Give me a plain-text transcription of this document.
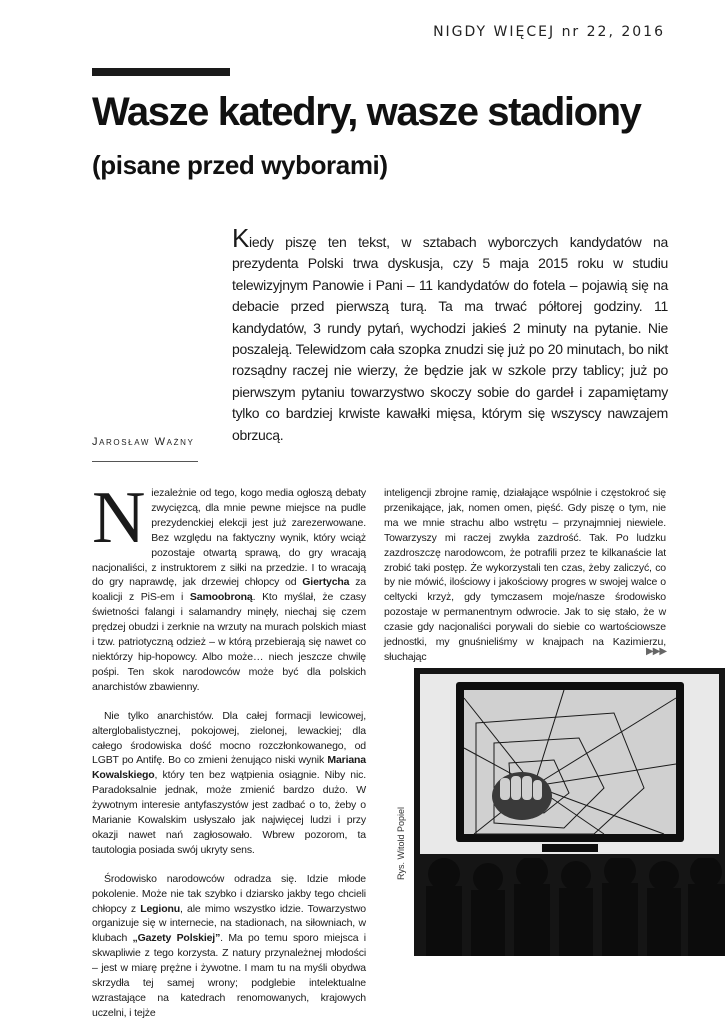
NIGDY WIĘCEJ nr 22, 2016
Wasze katedry, wasze stadiony
(pisane przed wyborami)

Kiedy piszę ten tekst, w sztabach wyborczych kandydatów na prezydenta Polski trwa dyskusja, czy 5 maja 2015 roku w studiu telewizyjnym Panowie i Pani – 11 kandydatów do fotela – pojawią się na debacie przed pierwszą turą. Ta ma trwać półtorej godziny. 11 kandydatów, 3 rundy pytań, wychodzi jakieś 2 minuty na pytanie. Nie poszaleją. Telewidzom cała szopka znudzi się już po 20 minutach, bo nikt rozsądny raczej nie wierzy, że będzie jak w szkole przy tablicy; już po pierwszym pytaniu towarzystwo skoczy sobie do gardeł i zapamiętamy tylko co bardziej krwiste kawałki mięsa, którym się wszyscy nawzajem obrzucą.

Jarosław Ważny

Niezależnie od tego, kogo media ogłoszą debaty zwycięzcą, dla mnie pewne miejsce na pudle prezydenckiej elekcji jest już zarezerwowane. Bez względu na faktyczny wynik, który wciąż pozostaje otwartą sprawą, do gry wracają nacjonaliści, z instruktorem z siłki na przedzie. I to wracają do gry naprawdę, jak drzewiej chłopcy od Giertycha za koalicji z PiS-em i Samoobroną. Kto myślał, że czasy świetności falangi i salamandry minęły, niechaj się czem prędzej obudzi i zerknie na wrzuty na murach polskich miast i tzw. patriotyczną odzież – w którą przebierają się nawet co niektórzy hip-hopowcy. Albo może… niech jeszcze chwilę pośpi. Ten skok narodowców może być dla polskich anarchistów zbawienny.

Nie tylko anarchistów. Dla całej formacji lewicowej, alterglobalistycznej, pokojowej, zielonej, lewackiej; dla całego środowiska dość mocno rozczłonkowanego, od LGBT po Antifę. Bo co zmieni żenująco niski wynik Mariana Kowalskiego, który ten bez wątpienia osiągnie. Niby nic. Paradoksalnie jednak, może zmienić bardzo dużo. W żywotnym interesie antyfaszystów jest zadbać o to, żeby o Marianie Kowalskim usłyszało jak najwięcej ludzi i przy okazji nawet nań zagłosowało. Wbrew pozorom, ta tautologia posiada swój ukryty sens.

Środowisko narodowców odradza się. Idzie młode pokolenie. Może nie tak szybko i dziarsko jakby tego chcieli chłopcy z Legionu, ale mimo wszystko idzie. Towarzystwo organizuje się w internecie, na stadionach, na siłowniach, w klubach „Gazety Polskiej”. Ma po temu sporo miejsca i skwapliwie z tego korzysta. Z natury przynależnej młodości – jest w miarę prężne i żywotne. I mam tu na myśli obydwa skrzydła tej samej wrony; podglebie intelektualne wzrastające na katedrach renomowanych, krajowych uczelni, i tejże

inteligencji zbrojne ramię, działające wspólnie i częstokroć się przenikające, jak, nomen omen, pięść. Gdy piszę o tym, nie ma we mnie strachu albo wstrętu – przynajmniej niewiele. Towarzyszy mi raczej zwykła zazdrość. Tak. Po ludzku zazdroszczę narodowcom, że potrafili przez te kilkanaście lat zrobić taki postęp. Że wykorzystali ten czas, żeby zaliczyć, co by nie mówić, ilościowy i jakościowy progres w swojej walce o celtycki krzyż, gdy tymczasem moje/nasze środowisko pozostaje w permanentnym odwrocie. Jak to się stało, że w czasie gdy nacjonaliści porywali do siebie co wartościowsze jednostki, my gnuśnieliśmy w knajpach na Kazimierzu, słuchając	▶▶▶
Rys. Witold Popiel
